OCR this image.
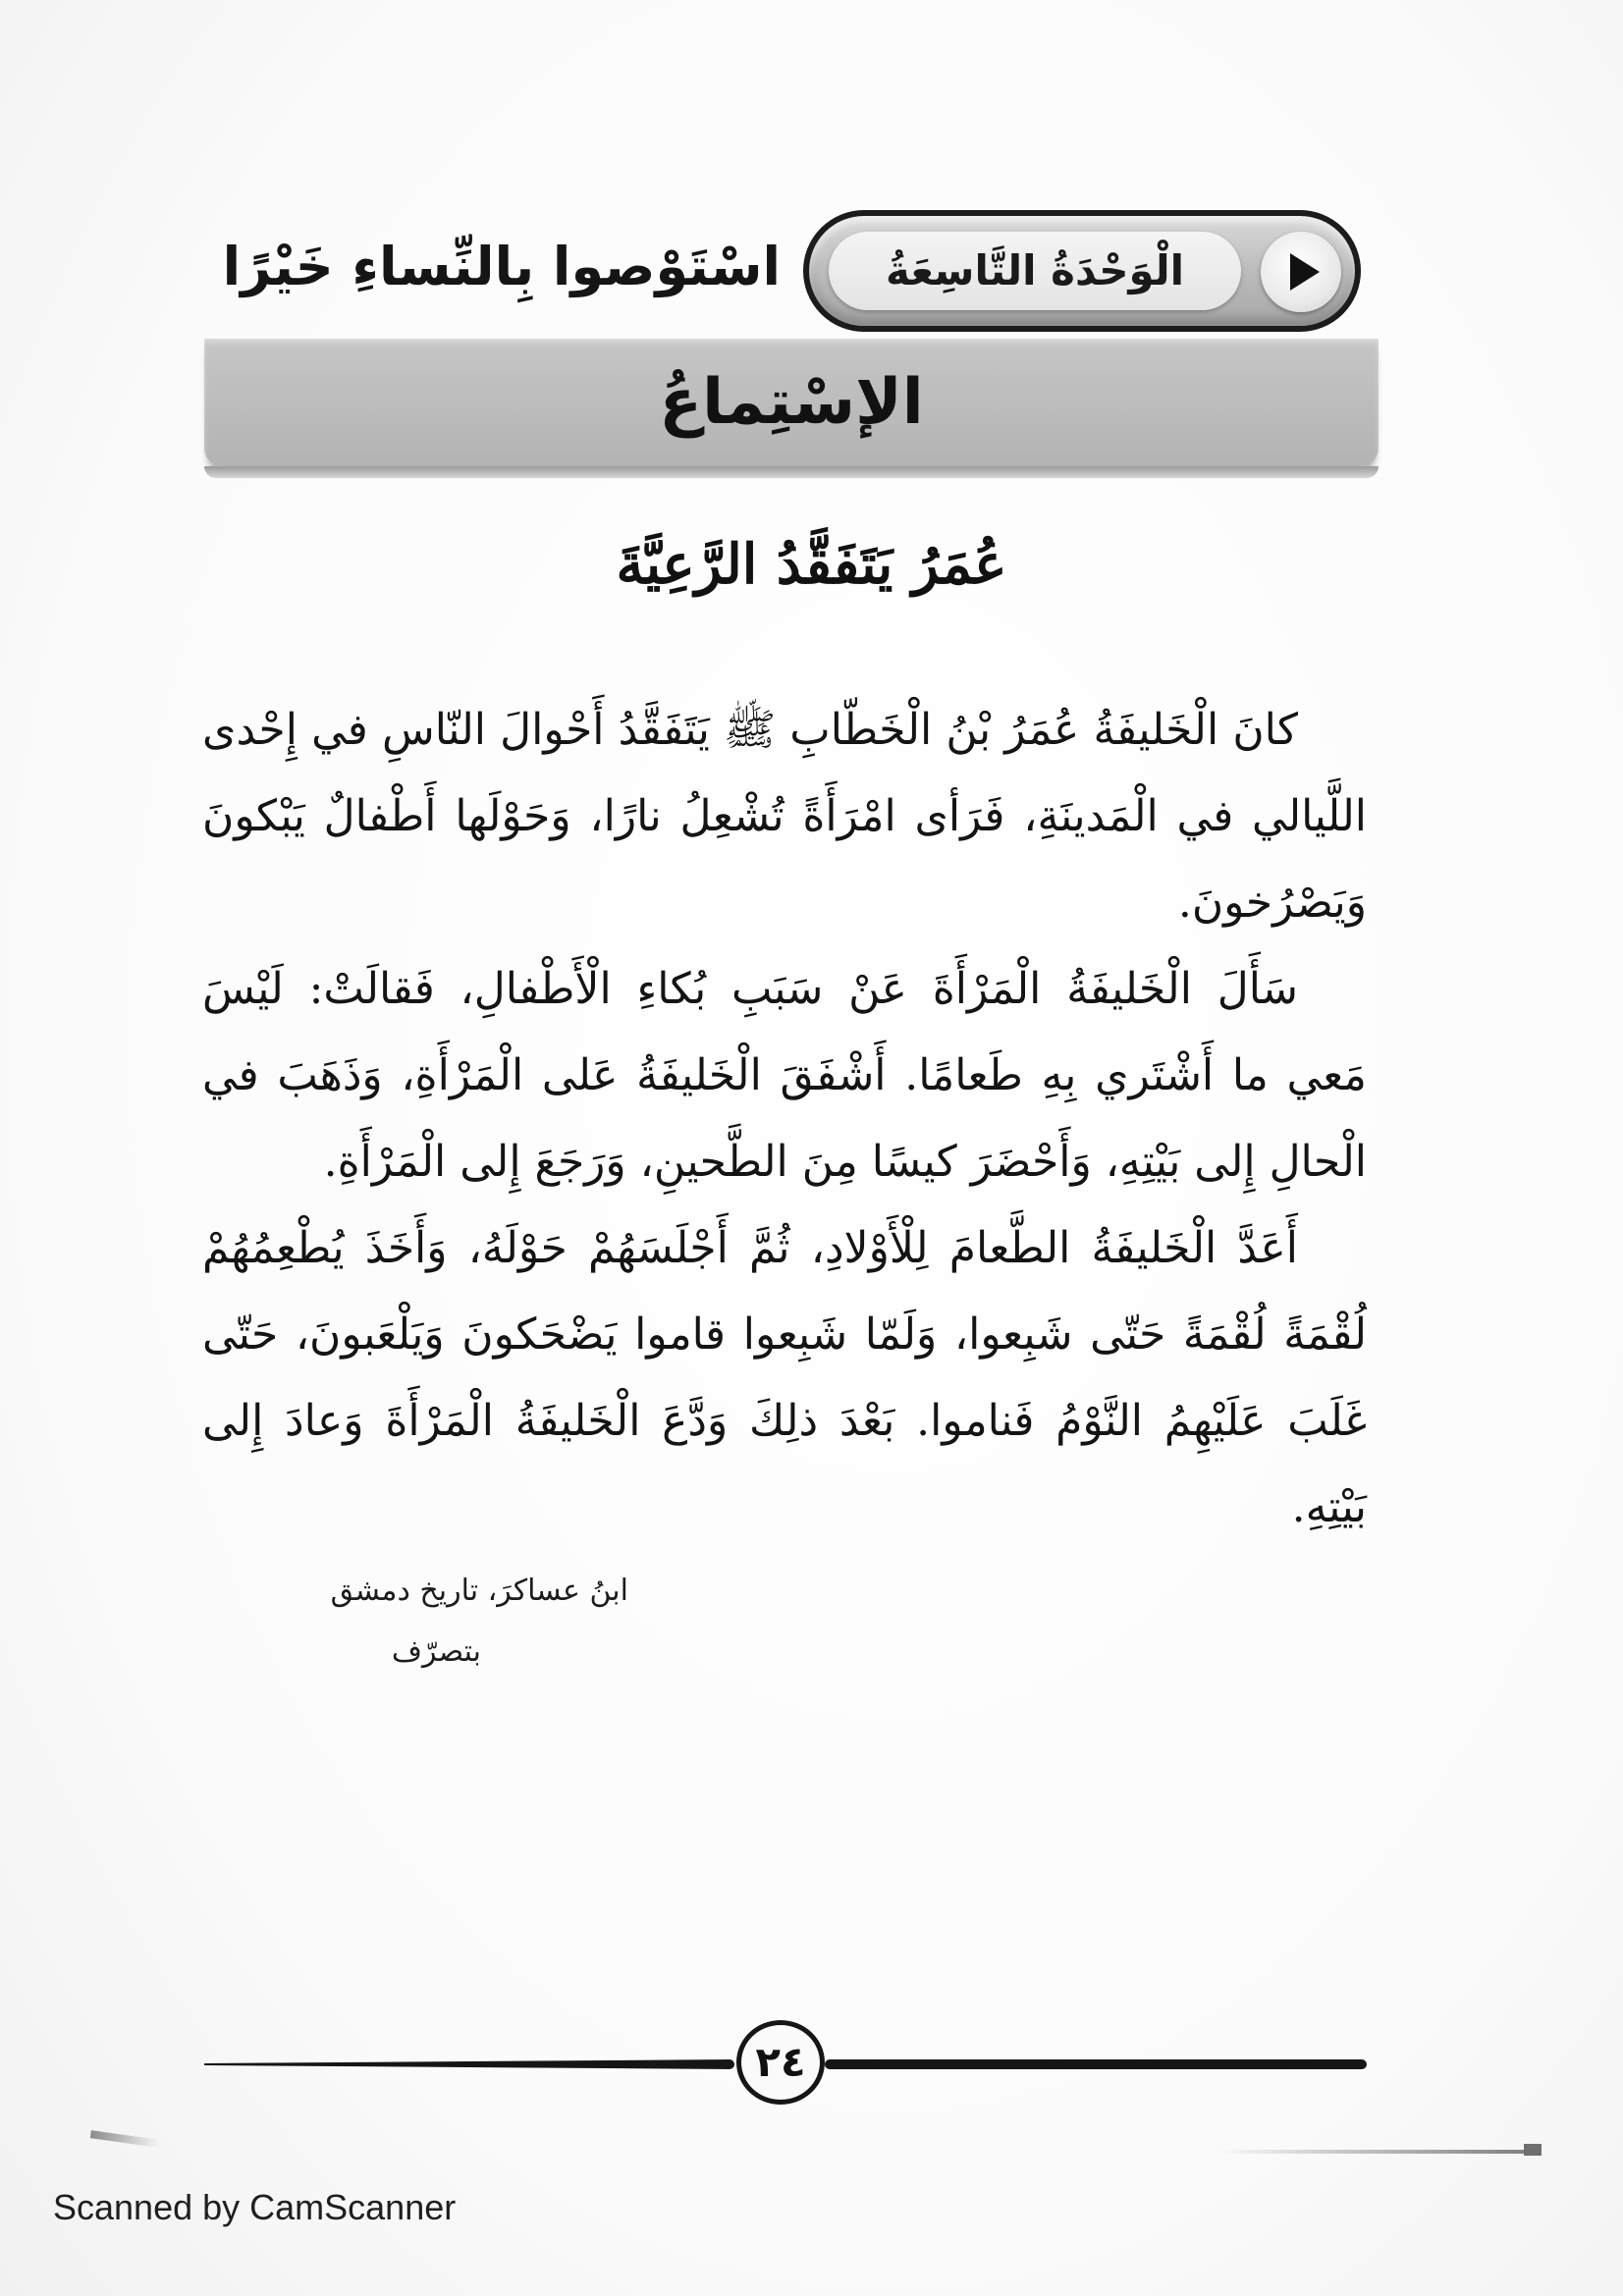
الْوَحْدَةُ التَّاسِعَةُ
اسْتَوْصوا بِالنِّساءِ خَيْرًا
الإسْتِماعُ
عُمَرُ يَتَفَقَّدُ الرَّعِيَّةَ

كانَ الْخَليفَةُ عُمَرُ بْنُ الْخَطّابِ ﷺ يَتَفَقَّدُ أَحْوالَ النّاسِ في إِحْدى اللَّيالي في الْمَدينَةِ، فَرَأى امْرَأَةً تُشْعِلُ نارًا، وَحَوْلَها أَطْفالٌ يَبْكونَ وَيَصْرُخونَ.

سَأَلَ الْخَليفَةُ الْمَرْأَةَ عَنْ سَبَبِ بُكاءِ الْأَطْفالِ، فَقالَتْ: لَيْسَ مَعي ما أَشْتَري بِهِ طَعامًا. أَشْفَقَ الْخَليفَةُ عَلى الْمَرْأَةِ، وَذَهَبَ في الْحالِ إِلى بَيْتِهِ، وَأَحْضَرَ كيسًا مِنَ الطَّحينِ، وَرَجَعَ إِلى الْمَرْأَةِ.

أَعَدَّ الْخَليفَةُ الطَّعامَ لِلْأَوْلادِ، ثُمَّ أَجْلَسَهُمْ حَوْلَهُ، وَأَخَذَ يُطْعِمُهُمْ لُقْمَةً لُقْمَةً حَتّى شَبِعوا، وَلَمّا شَبِعوا قاموا يَضْحَكونَ وَيَلْعَبونَ، حَتّى غَلَبَ عَلَيْهِمُ النَّوْمُ فَناموا. بَعْدَ ذلِكَ وَدَّعَ الْخَليفَةُ الْمَرْأَةَ وَعادَ إِلى بَيْتِهِ.

ابنُ عساكرَ، تاريخ دمشق
بتصرّف
٢٤
Scanned by CamScanner
